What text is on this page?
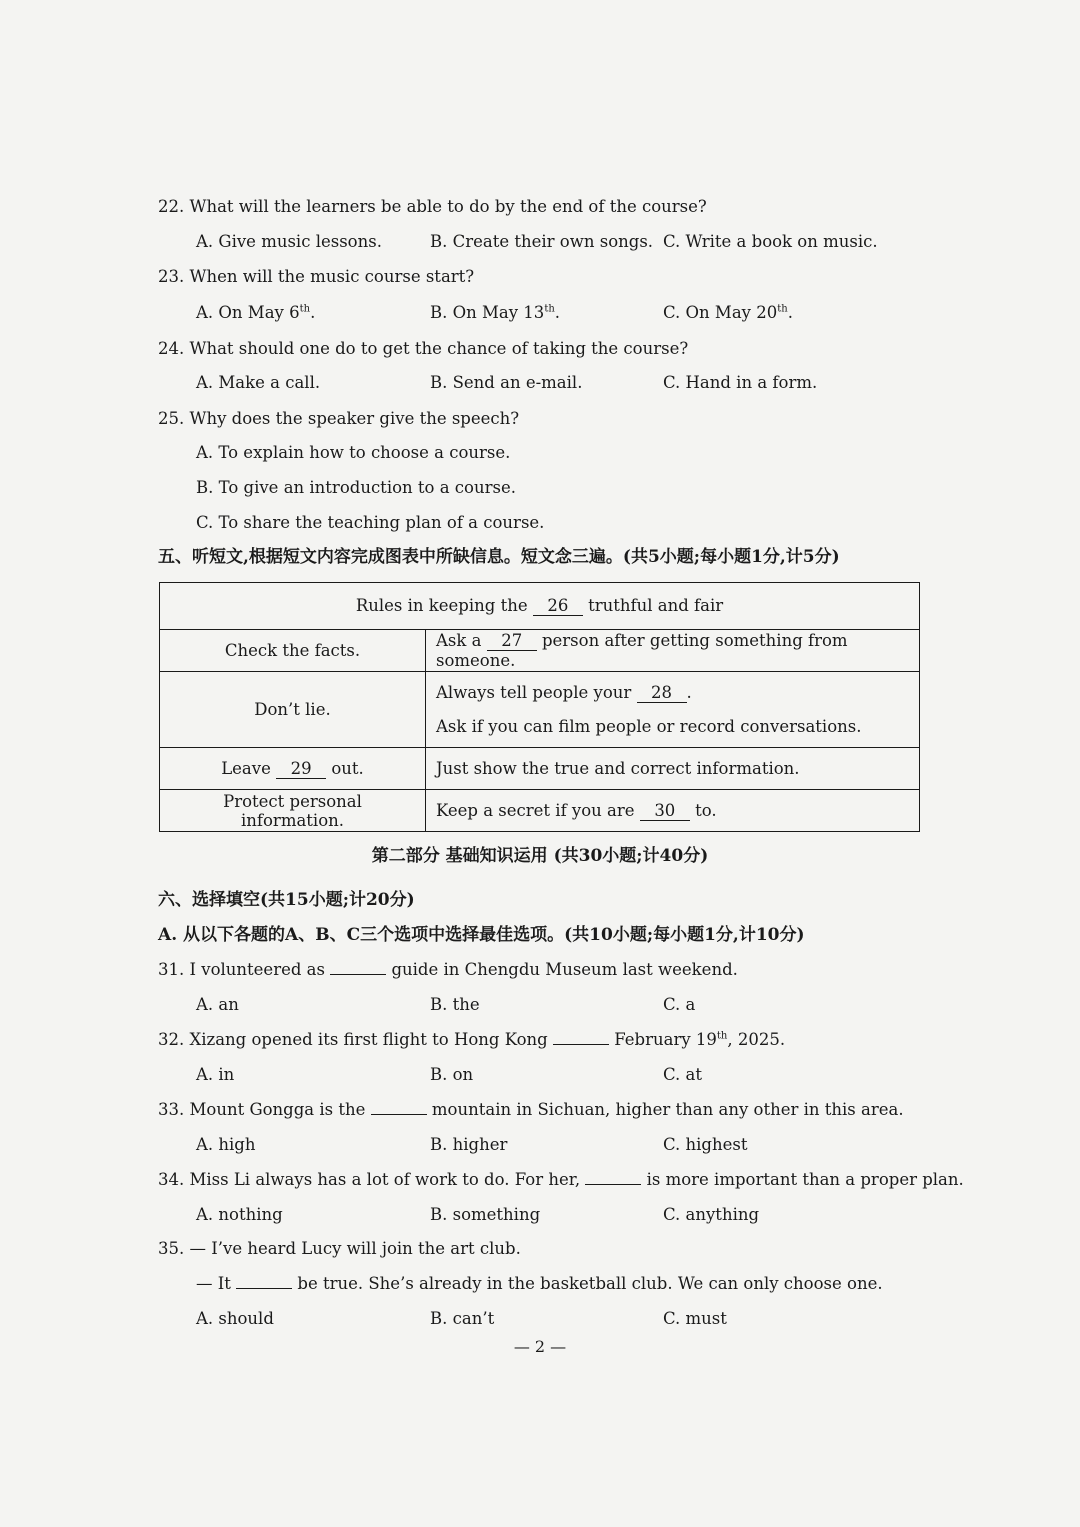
22. What will the learners be able to do by the end of the course?
A. Give music lessons.	B. Create their own songs. C. Write a book on music.
23. When will the music course start?
A. On May 6th.	B. On May 13th.	C. On May 20th.
24. What should one do to get the chance of taking the course?
A. Make a call.	B. Send an e-mail.	C. Hand in a form.
25. Why does the speaker give the speech?
A. To explain how to choose a course.
B. To give an introduction to a course.
C. To share the teaching plan of a course.
五、听短文,根据短文内容完成图表中所缺信息。短文念三遍。(共5小题;每小题1分,计5分)
Rules in keeping the 26 truthful and fair	
Check the facts.	Ask a 27 person after getting something from someone.
Don’t lie.	Always tell people your 28 .
Ask if you can film people or record conversations.

Leave 29 out.	Just show the true and correct information.
Protect personal information.	Keep a secret if you are 30 to.
第二部分 基础知识运用 (共30小题;计40分)
六、选择填空(共15小题;计20分)
A. 从以下各题的A、B、C三个选项中选择最佳选项。(共10小题;每小题1分,计10分)
31. I volunteered as	guide in Chengdu Museum last weekend.
A. an	B. the	C. a
32. Xizang opened its first flight to Hong Kong	February 19th, 2025.
A. in	B. on	C. at
33. Mount Gongga is the	mountain in Sichuan, higher than any other in this area.
A. high	B. higher	C. highest
34. Miss Li always has a lot of work to do. For her,	is more important than a proper plan.
A. nothing	B. something	C. anything
35. — I’ve heard Lucy will join the art club.
— It	be true. She’s already in the basketball club. We can only choose one.
A. should	B. can’t	C. must
— 2 —
